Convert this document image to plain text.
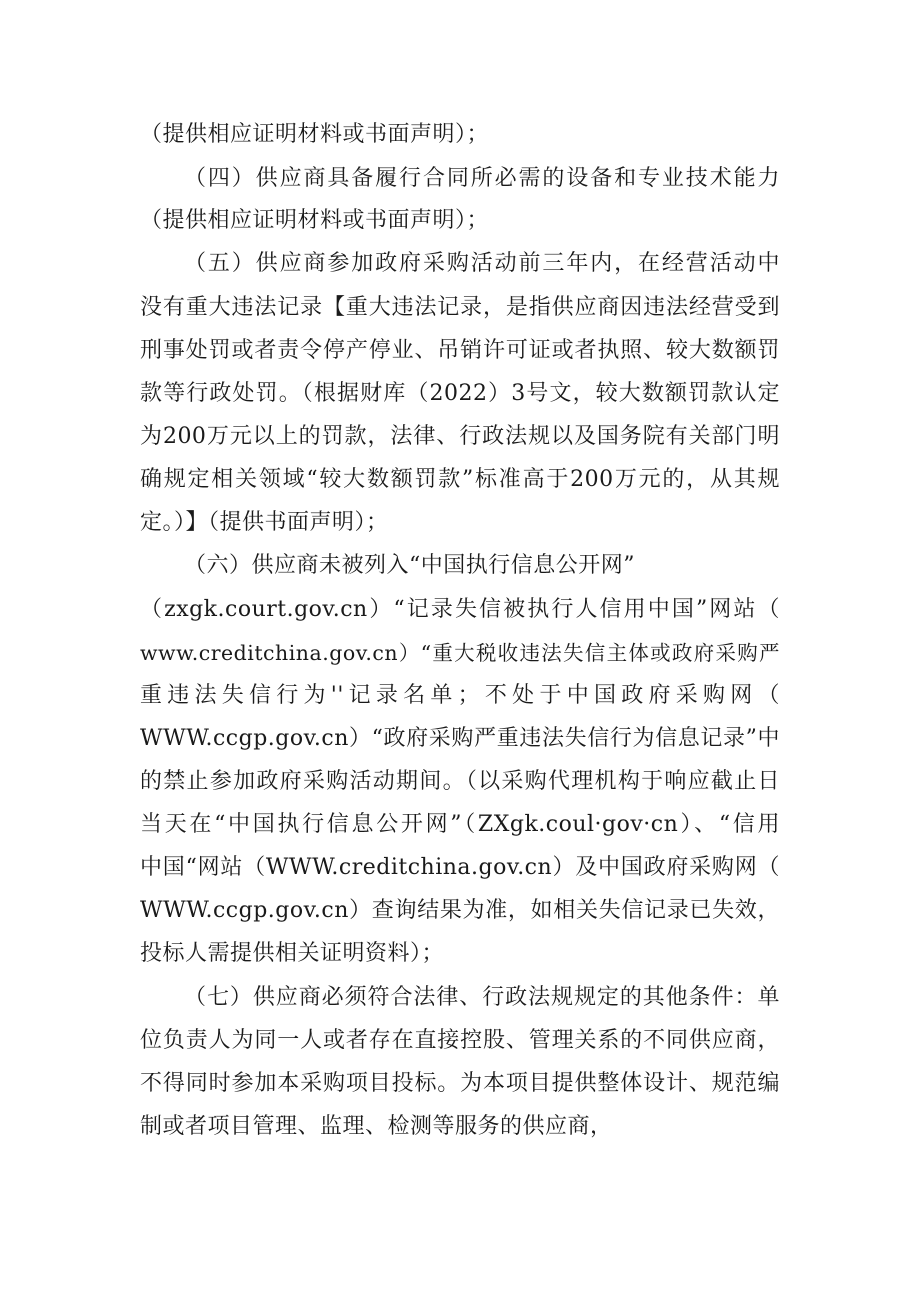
（提供相应证明材料或书面声明）；
（四）供应商具备履行合同所必需的设备和专业技术能力
（提供相应证明材料或书面声明）；
（五）供应商参加政府采购活动前三年内，在经营活动中
没有重大违法记录【重大违法记录，是指供应商因违法经营受到
刑事处罚或者责令停产停业、吊销许可证或者执照、较大数额罚
款等行政处罚。（根据财库（2022）3号文，较大数额罚款认定
为200万元以上的罚款，法律、行政法规以及国务院有关部门明
确规定相关领域“较大数额罚款”标准高于200万元的，从其规
定。）】（提供书面声明）；
（六）供应商未被列入“中国执行信息公开网”
（zxgk.court.gov.cn）“记录失信被执行人信用中国”网站（
www.creditchina.gov.cn）“重大税收违法失信主体或政府采购严
重违法失信行为''记录名单；不处于中国政府采购网（
WWW.ccgp.gov.cn）“政府采购严重违法失信行为信息记录”中
的禁止参加政府采购活动期间。（以采购代理机构于响应截止日
当天在“中国执行信息公开网”（ZXgk.coul·gov·cn）、“信用
中国“网站（WWW.creditchina.gov.cn）及中国政府采购网（
WWW.ccgp.gov.cn）查询结果为准，如相关失信记录已失效，
投标人需提供相关证明资料）；
（七）供应商必须符合法律、行政法规规定的其他条件：单
位负责人为同一人或者存在直接控股、管理关系的不同供应商，
不得同时参加本采购项目投标。为本项目提供整体设计、规范编
制或者项目管理、监理、检测等服务的供应商，
